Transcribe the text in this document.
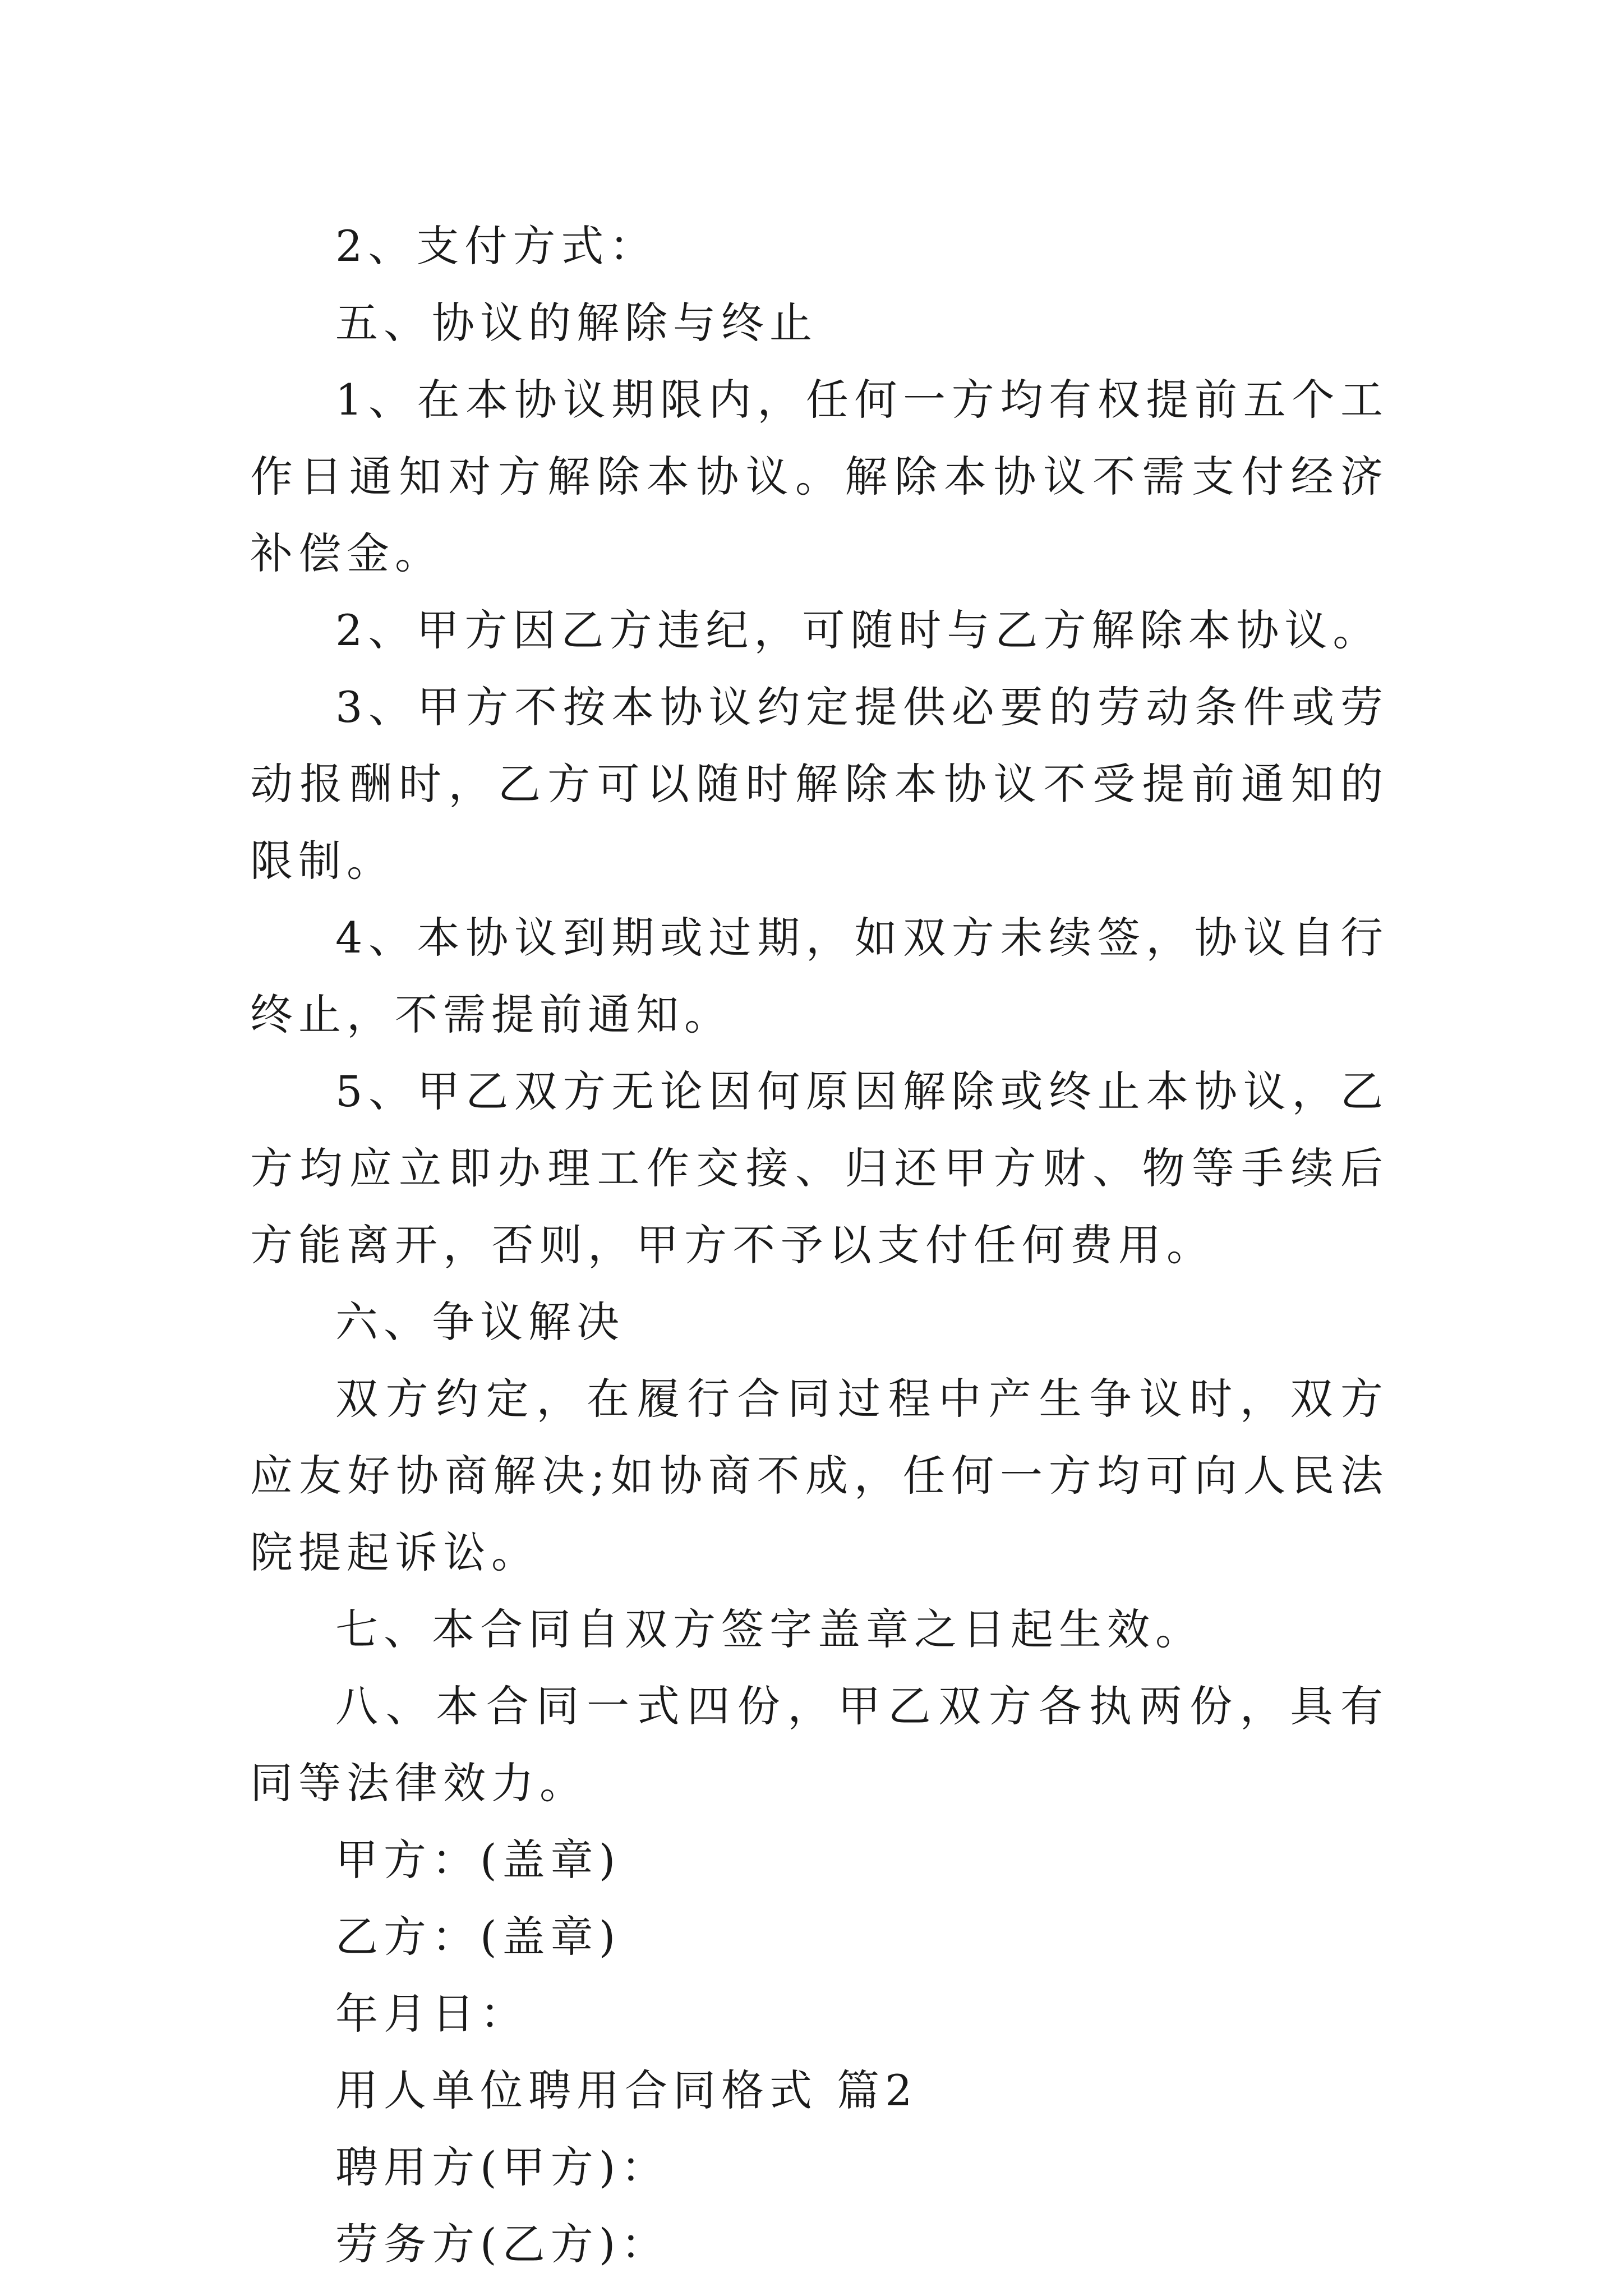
2、支付方式：

五、协议的解除与终止

1、在本协议期限内，任何一方均有权提前五个工作日通知对方解除本协议。解除本协议不需支付经济补偿金。

2、甲方因乙方违纪，可随时与乙方解除本协议。

3、甲方不按本协议约定提供必要的劳动条件或劳动报酬时，乙方可以随时解除本协议不受提前通知的限制。

4、本协议到期或过期，如双方未续签，协议自行终止，不需提前通知。

5、甲乙双方无论因何原因解除或终止本协议，乙方均应立即办理工作交接、归还甲方财、物等手续后方能离开，否则，甲方不予以支付任何费用。

六、争议解决

双方约定，在履行合同过程中产生争议时，双方应友好协商解决;如协商不成，任何一方均可向人民法院提起诉讼。

七、本合同自双方签字盖章之日起生效。

八、本合同一式四份，甲乙双方各执两份，具有同等法律效力。

甲方：(盖章)

乙方：(盖章)

年月日：

用人单位聘用合同格式 篇2

聘用方(甲方)：

劳务方(乙方)：
